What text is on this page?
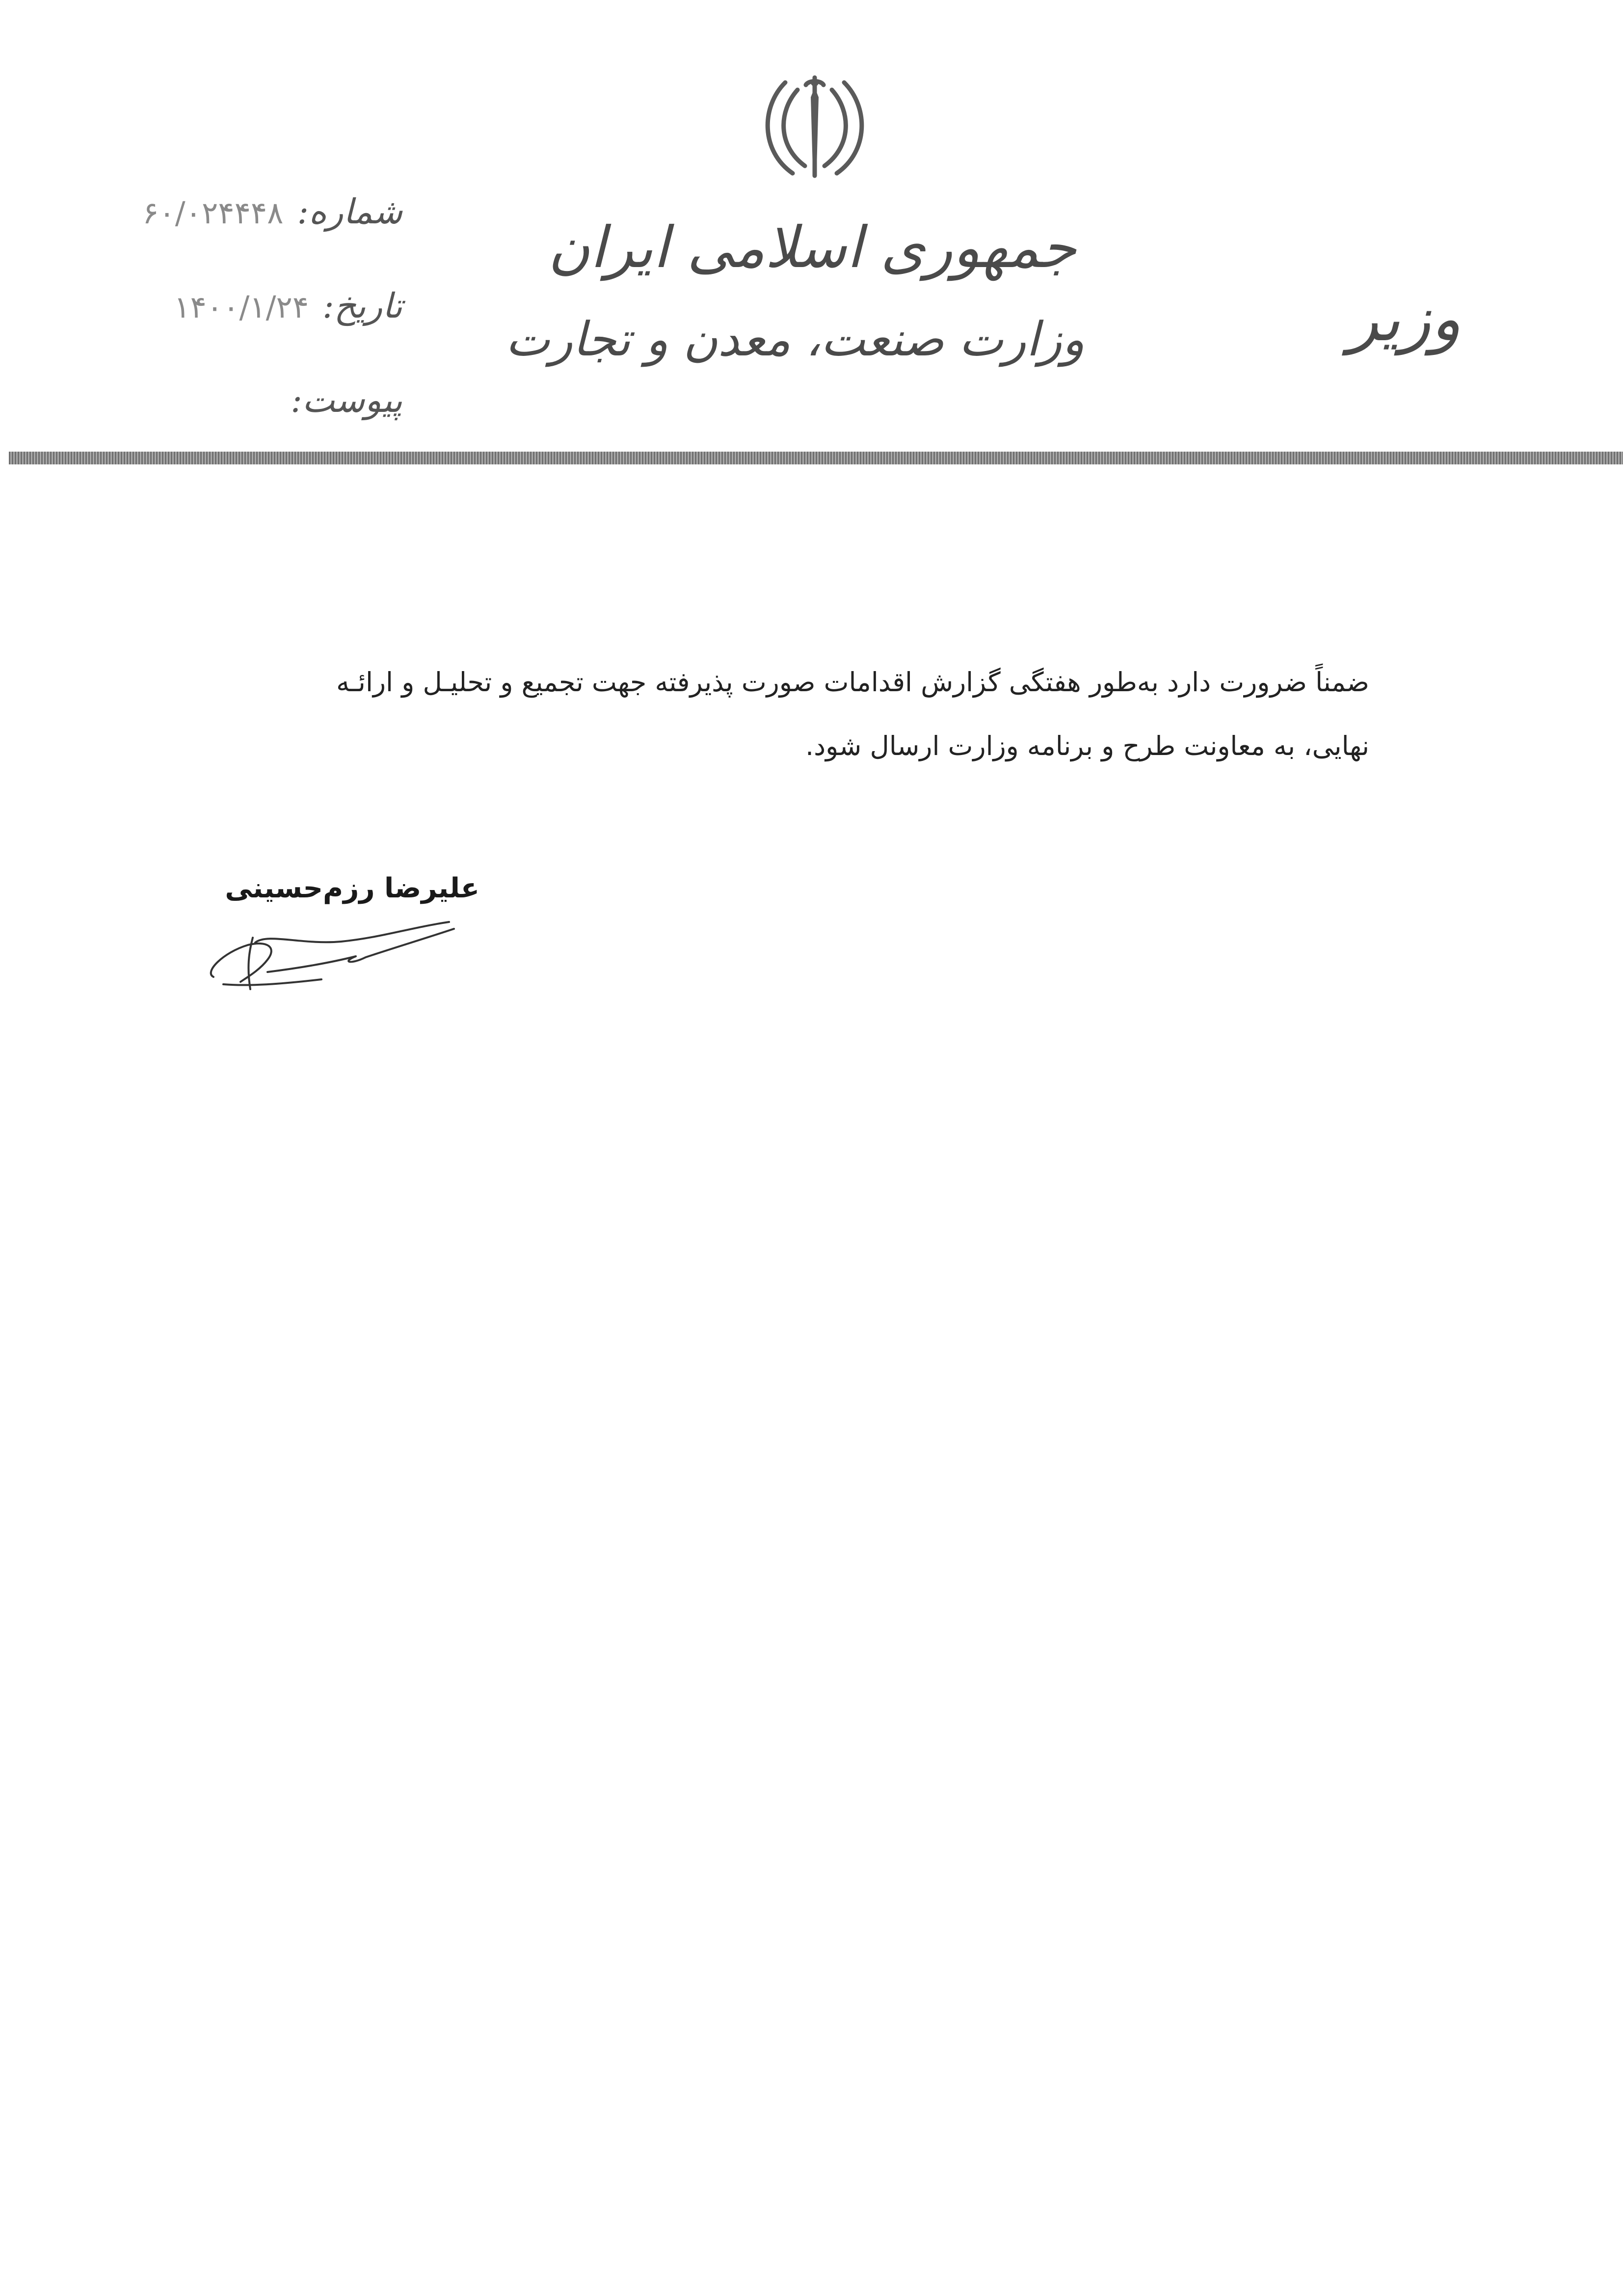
جمهوری اسلامی ایران
وزارت صنعت، معدن و تجارت	وزیر
شماره:
۶۰/۰۲۴۴۴۸
تاریخ:
۱۴۰۰/۱/۲۴
پیوست:
ضمناً ضرورت دارد به‌طور هفتگی گزارش اقدامات صورت پذیرفته جهت تجمیع و تحلیـل و ارائـه
نهایی، به معاونت طرح و برنامه وزارت ارسال شود.
علیرضا رزم‌حسینی
